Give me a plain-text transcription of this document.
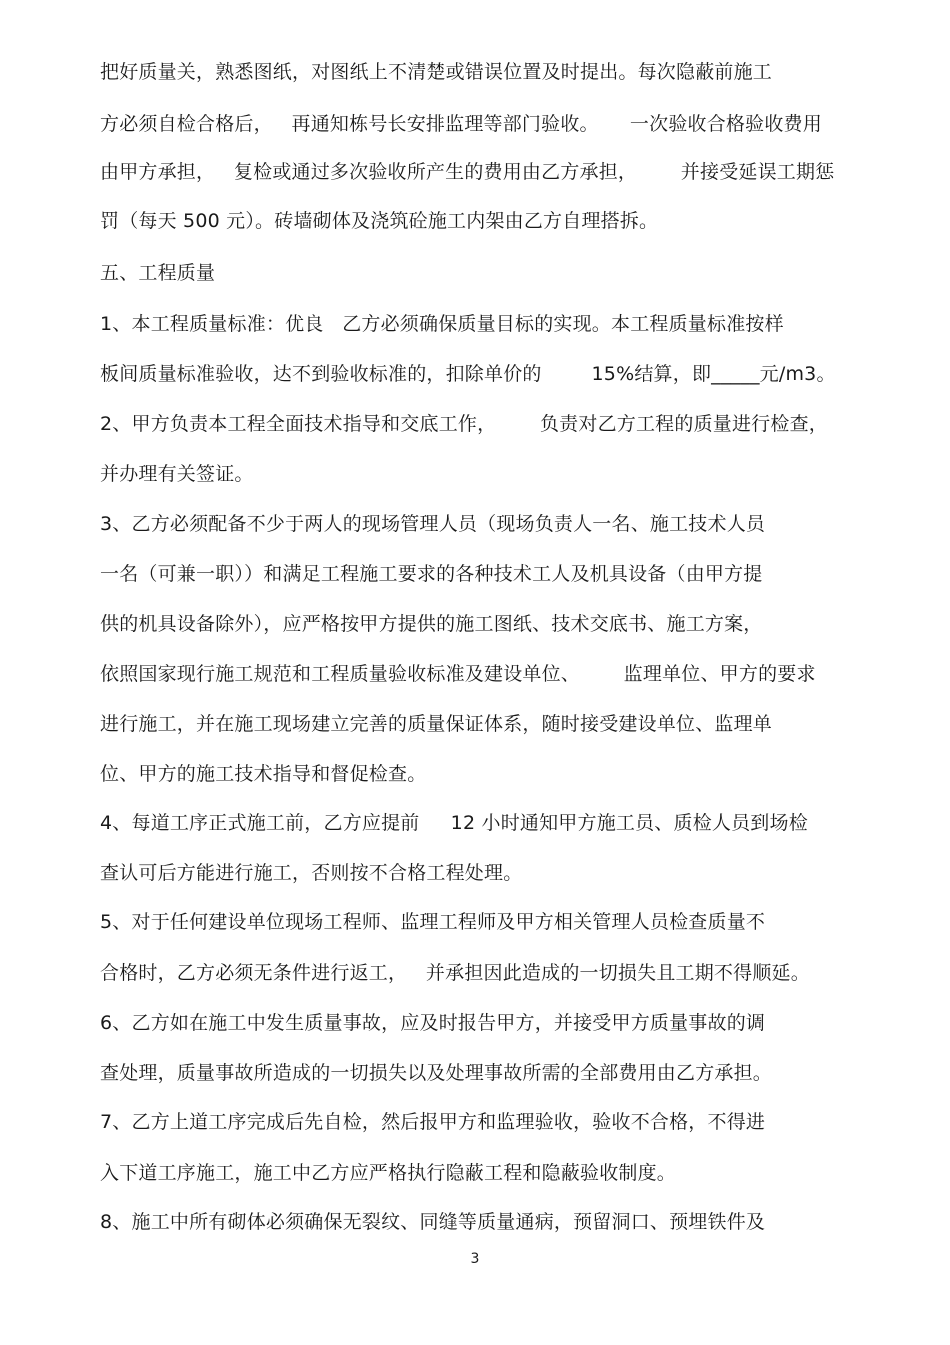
把好质量关，熟悉图纸，对图纸上不清楚或错误位置及时提出。每次隐蔽前施工
方必须自检合格后，   再通知栋号长安排监理等部门验收。     一次验收合格验收费用
由甲方承担，   复检或通过多次验收所产生的费用由乙方承担，       并接受延误工期惩
罚（每天 500 元）。砖墙砌体及浇筑砼施工内架由乙方自理搭拆。
五、工程质量
1、本工程质量标准：优良   乙方必须确保质量目标的实现。本工程质量标准按样
板间质量标准验收，达不到验收标准的，扣除单价的        15%结算，即_____元/m3。
2、甲方负责本工程全面技术指导和交底工作，       负责对乙方工程的质量进行检查，
并办理有关签证。
3、乙方必须配备不少于两人的现场管理人员（现场负责人一名、施工技术人员
一名（可兼一职））和满足工程施工要求的各种技术工人及机具设备（由甲方提
供的机具设备除外），应严格按甲方提供的施工图纸、技术交底书、施工方案，
依照国家现行施工规范和工程质量验收标准及建设单位、       监理单位、甲方的要求
进行施工，并在施工现场建立完善的质量保证体系，随时接受建设单位、监理单
位、甲方的施工技术指导和督促检查。
4、每道工序正式施工前，乙方应提前     12 小时通知甲方施工员、质检人员到场检
查认可后方能进行施工，否则按不合格工程处理。
5、对于任何建设单位现场工程师、监理工程师及甲方相关管理人员检查质量不
合格时，乙方必须无条件进行返工，   并承担因此造成的一切损失且工期不得顺延。
6、乙方如在施工中发生质量事故，应及时报告甲方，并接受甲方质量事故的调
查处理，质量事故所造成的一切损失以及处理事故所需的全部费用由乙方承担。
7、乙方上道工序完成后先自检，然后报甲方和监理验收，验收不合格，不得进
入下道工序施工，施工中乙方应严格执行隐蔽工程和隐蔽验收制度。
8、施工中所有砌体必须确保无裂纹、同缝等质量通病，预留洞口、预埋铁件及
3
